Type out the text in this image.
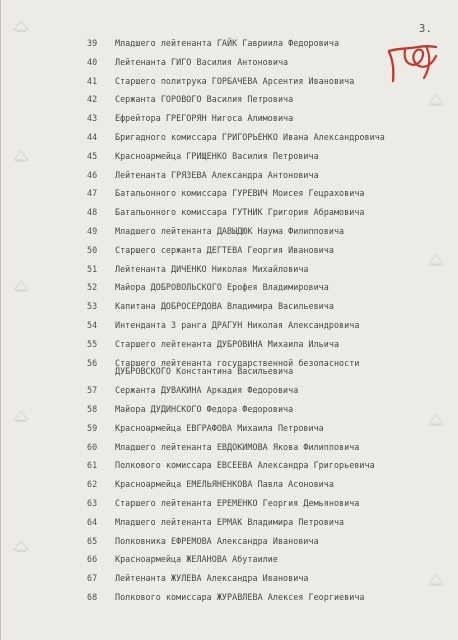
3.
39	Младшего лейтенанта ГАЙК Гавриила Федоровича
40	Лейтенанта ГИГО Василия Антоновича
41	Старшего политрука ГОРБАЧЕВА Арсентия Ивановича
42	Сержанта ГОРОВОГО Василия Петровича
43	Ефрейтора ГРЕГОРЯН Нигоса Алимовича
44	Бригадного комиссара ГРИГОРЬЕНКО Ивана Александровича
45	Красноармейца ГРИЩЕНКО Василия Петровича
46	Лейтенанта ГРЯЗЕВА Александра Антоновича
47	Батальонного комиссара ГУРЕВИЧ Моисея Гецраховича
48	Батальонного комиссара ГУТНИК Григория Абрамовича
49	Младшего лейтенанта ДАВЫДЮК Наума Филипповича
50	Старшего сержанта ДЕГТЕВА Георгия Ивановича
51	Лейтенанта ДИЧЕНКО Николая Михайловича
52	Майора ДОБРОВОЛЬСКОГО Ерофея Владимировича
53	Капитана ДОБРОСЕРДОВА Владимира Васильевича
54	Интенданта 3 ранга ДРАГУН Николая Александровича
55	Старшего лейтенанта ДУБРОВИНА Михаила Ильича
56	Старшего лейтенанта государственной безопасности
ДУБРОВСКОГО Константина Васильевича
57	Сержанта ДУВАКИНА Аркадия Федоровича
58	Майора ДУДИНСКОГО Федора Федоровича
59	Красноармейца ЕВГРАФОВА Михаила Петровича
60	Младшего лейтенанта ЕВДОКИМОВА Якова Филипповича
61	Полкового комиссара ЕВСЕЕВА Александра Григорьевича
62	Красноармейца ЕМЕЛЬЯНЕНКОВА Павла Асоновича
63	Старшего лейтенанта ЕРЕМЕНКО Георгия Демьяновича
64	Младшего лейтенанта ЕРМАК Владимира Петровича
65	Полковника ЕФРЕМОВА Александра Ивановича
66	Красноармейца ЖЕЛАНОВА Абутаилие
67	Лейтенанта ЖУЛЕВА Александра Ивановича
68	Полкового комиссара ЖУРАВЛЕВА Алексея Георгиевича
